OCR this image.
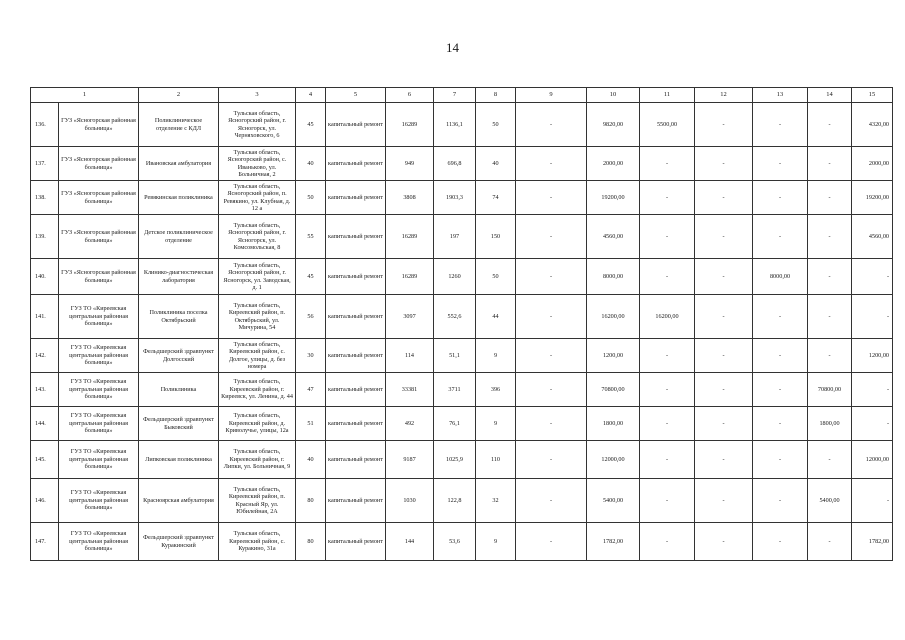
14
1		2	3	4	5	6	7	8	9	10	11	12	13	14	15
136.	ГУЗ «Ясногорская районная больница»	Поликлиническое отделение с КДЛ	Тульская область, Ясногорский район, г. Ясногорск, ул. Черняховского, 6	45	капитальный ремонт	16289	1136,1	50	-	9820,00	5500,00	-	-	-	4320,00
137.	ГУЗ «Ясногорская районная больница»	Ивановская амбулатория	Тульская область, Ясногорский район, с. Иваньково, ул. Больничная, 2	40	капитальный ремонт	949	696,8	40	-	2000,00	-	-	-	-	2000,00
138.	ГУЗ «Ясногорская районная больница»	Ревякинская поликлиника	Тульская область, Ясногорский район, п. Ревякино, ул. Клубная, д. 12 а	50	капитальный ремонт	3808	1903,3	74	-	19200,00	-	-	-	-	19200,00
139.	ГУЗ «Ясногорская районная больница»	Детское поликлиническое отделение	Тульская область, Ясногорский район, г. Ясногорск, ул. Комсомольская, 8	55	капитальный ремонт	16289	197	150	-	4560,00	-	-	-	-	4560,00
140.	ГУЗ «Ясногорская районная больница»	Клинико-диагностическая лаборатория	Тульская область, Ясногорский район, г. Ясногорск, ул. Заводская, д. 1	45	капитальный ремонт	16289	1260	50	-	8000,00	-	-	8000,00	-	-
141.	ГУЗ ТО «Киреевская центральная районная больница»	Поликлиника поселка Октябрьский	Тульская область, Киреевский район, п. Октябрьский, ул. Мичурина, 54	56	капитальный ремонт	3097	552,6	44	-	16200,00	16200,00	-	-	-	-
142.	ГУЗ ТО «Киреевская центральная районная больница»	Фельдшерский здравпункт Долгосский	Тульская область, Киреевский район, с. Долгое, улицы, д. без номера	30	капитальный ремонт	114	51,1	9	-	1200,00	-	-	-	-	1200,00
143.	ГУЗ ТО «Киреевская центральная районная больница»	Поликлиника	Тульская область, Киреевский район, г. Киреевск, ул. Ленина, д. 44	47	капитальный ремонт	33381	3711	396	-	70800,00	-	-	-	70800,00	-
144.	ГУЗ ТО «Киреевская центральная районная больница»	Фельдшерский здравпункт Быковский	Тульская область, Киреевский район, д. Криволучье, улицы, 12а	51	капитальный ремонт	492	76,1	9	-	1800,00	-	-	-	1800,00	-
145.	ГУЗ ТО «Киреевская центральная районная больница»	Липковская поликлиника	Тульская область, Киреевский район, г. Липки, ул. Больничная, 9	40	капитальный ремонт	9187	1025,9	110	-	12000,00	-	-	-	-	12000,00
146.	ГУЗ ТО «Киреевская центральная районная больница»	Красноярская амбулатория	Тульская область, Киреевский район, п. Красный Яр, ул. Юбилейная, 2А	80	капитальный ремонт	1030	122,8	32	-	5400,00	-	-	-	5400,00	-
147.	ГУЗ ТО «Киреевская центральная районная больница»	Фельдшерский здравпункт Куракинский	Тульская область, Киреевский район, с. Куракино, 31а	80	капитальный ремонт	144	53,6	9	-	1782,00	-	-	-	-	1782,00
